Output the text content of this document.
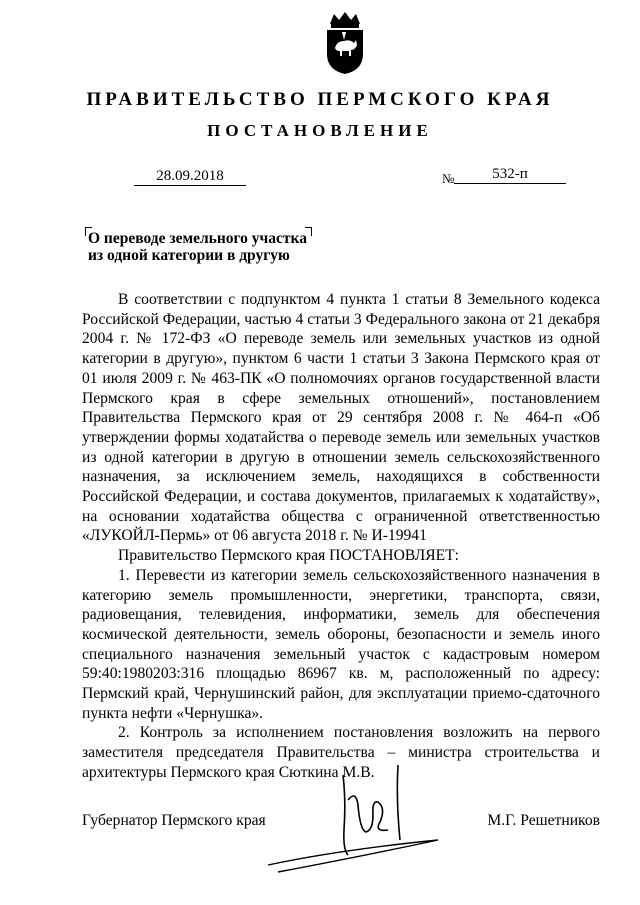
ПРАВИТЕЛЬСТВО ПЕРМСКОГО КРАЯ
ПОСТАНОВЛЕНИЕ
28.09.2018	№	532-п
О переводе земельного участка
из одной категории в другую

В соответствии с подпунктом 4 пункта 1 статьи 8 Земельного кодекса Российской Федерации, частью 4 статьи 3 Федерального закона от 21 декабря 2004 г. № 172-ФЗ «О переводе земель или земельных участков из одной категории в другую», пунктом 6 части 1 статьи 3 Закона Пермского края от 01 июля 2009 г. № 463-ПК «О полномочиях органов государственной власти Пермского края в сфере земельных отношений», постановлением Правительства Пермского края от 29 сентября 2008 г. № 464-п «Об утверждении формы ходатайства о переводе земель или земельных участков из одной категории в другую в отношении земель сельскохозяйственного назначения, за исключением земель, находящихся в собственности Российской Федерации, и состава документов, прилагаемых к ходатайству», на основании ходатайства общества с ограниченной ответственностью «ЛУКОЙЛ-Пермь» от 06 августа 2018 г. № И-19941

Правительство Пермского края ПОСТАНОВЛЯЕТ:

1. Перевести из категории земель сельскохозяйственного назначения в категорию земель промышленности, энергетики, транспорта, связи, радиовещания, телевидения, информатики, земель для обеспечения космической деятельности, земель обороны, безопасности и земель иного специального назначения земельный участок с кадастровым номером 59:40:1980203:316 площадью 86967 кв. м, расположенный по адресу: Пермский край, Чернушинский район, для эксплуатации приемо-сдаточного пункта нефти «Чернушка».

2. Контроль за исполнением постановления возложить на первого заместителя председателя Правительства – министра строительства и архитектуры Пермского края Сюткина М.В.

Губернатор Пермского края	М.Г. Решетников
